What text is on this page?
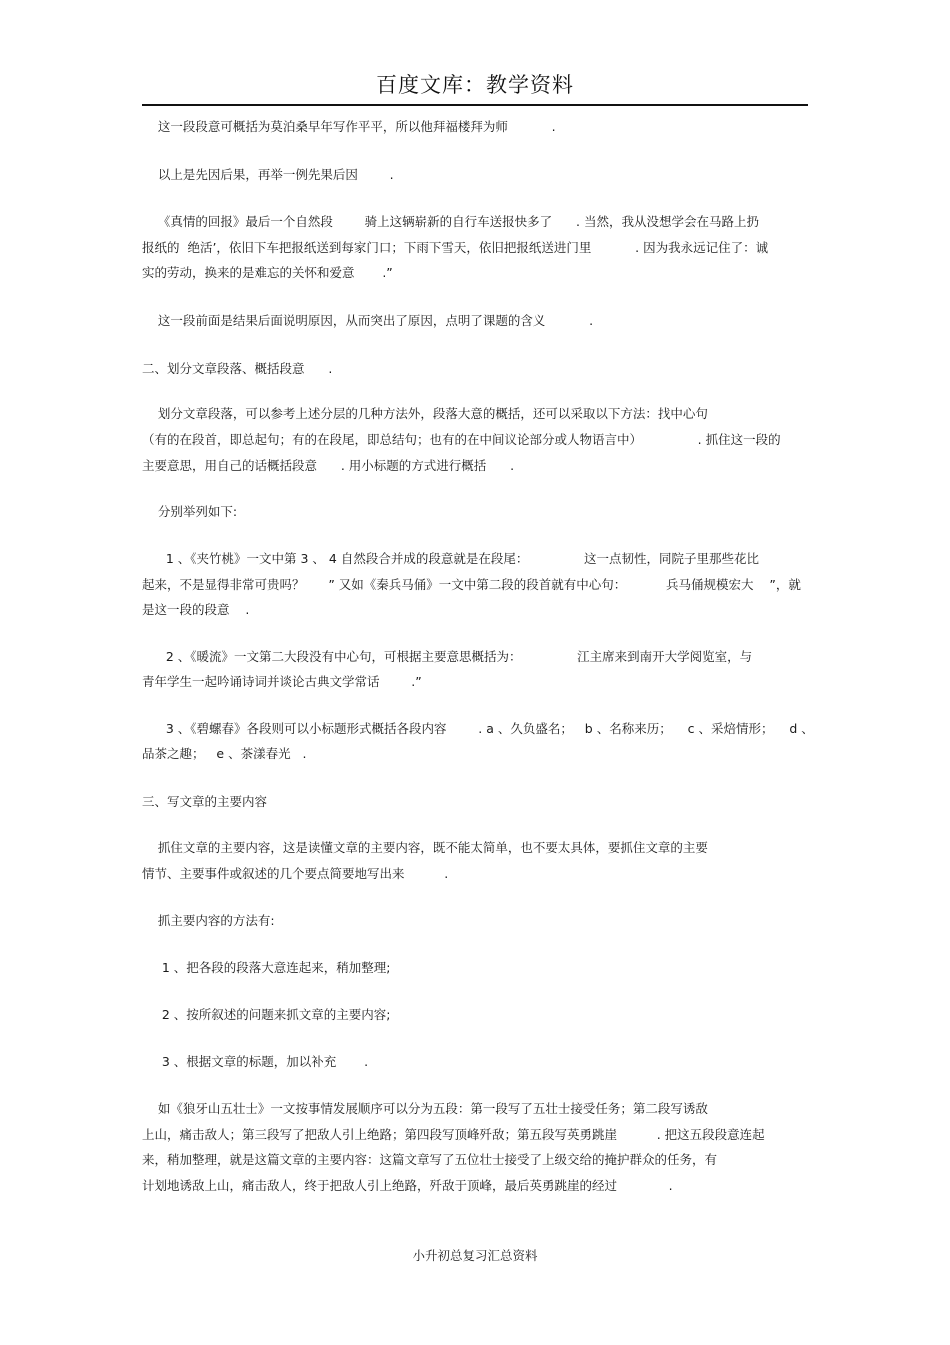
百度文库：教学资料
这一段段意可概括为莫泊桑早年写作平平，所以他拜福楼拜为师           .
以上是先因后果，再举一例先果后因        .
《真情的回报》最后一个自然段        骑上这辆崭新的自行车送报快多了      . 当然，我从没想学会在马路上扔
报纸的  绝活’，依旧下车把报纸送到每家门口；下雨下雪天，依旧把报纸送进门里           . 因为我永远记住了：诚
实的劳动，换来的是难忘的关怀和爱意       .”
这一段前面是结果后面说明原因，从而突出了原因，点明了课题的含义           .
二、划分文章段落、概括段意      .
划分文章段落，可以参考上述分层的几种方法外，段落大意的概括，还可以采取以下方法：找中心句
（有的在段首，即总起句；有的在段尾，即总结句；也有的在中间议论部分或人物语言中）              . 抓住这一段的
主要意思，用自己的话概括段意      . 用小标题的方式进行概括      .
分别举列如下:
1 、《夹竹桃》一文中第 3 、 4 自然段合并成的段意就是在段尾：              这一点韧性，同院子里那些花比
起来，不是显得非常可贵吗？      ” 又如《秦兵马俑》一文中第二段的段首就有中心句：          兵马俑规模宏大    ”，就
是这一段的段意    .
2 、《暖流》一文第二大段没有中心句，可根据主要意思概括为：              江主席来到南开大学阅览室，与
青年学生一起吟诵诗词并谈论古典文学常话        .”
3 、《碧螺春》各段则可以小标题形式概括各段内容        . a 、久负盛名；   b 、名称来历；    c 、采焙情形；    d 、
品茶之趣；   e 、茶漾春光   .
三、写文章的主要内容
抓住文章的主要内容，这是读懂文章的主要内容，既不能太简单，也不要太具体，要抓住文章的主要
情节、主要事件或叙述的几个要点简要地写出来          .
抓主要内容的方法有:
1 、把各段的段落大意连起来，稍加整理;
2 、按所叙述的问题来抓文章的主要内容;
3 、根据文章的标题，加以补充       .
如《狼牙山五壮士》一文按事情发展顺序可以分为五段：第一段写了五壮士接受任务；第二段写诱敌
上山，痛击敌人；第三段写了把敌人引上绝路；第四段写顶峰歼敌；第五段写英勇跳崖          . 把这五段段意连起
来，稍加整理，就是这篇文章的主要内容：这篇文章写了五位壮士接受了上级交给的掩护群众的任务，有
计划地诱敌上山，痛击敌人，终于把敌人引上绝路，歼敌于顶峰，最后英勇跳崖的经过             .
小升初总复习汇总资料
